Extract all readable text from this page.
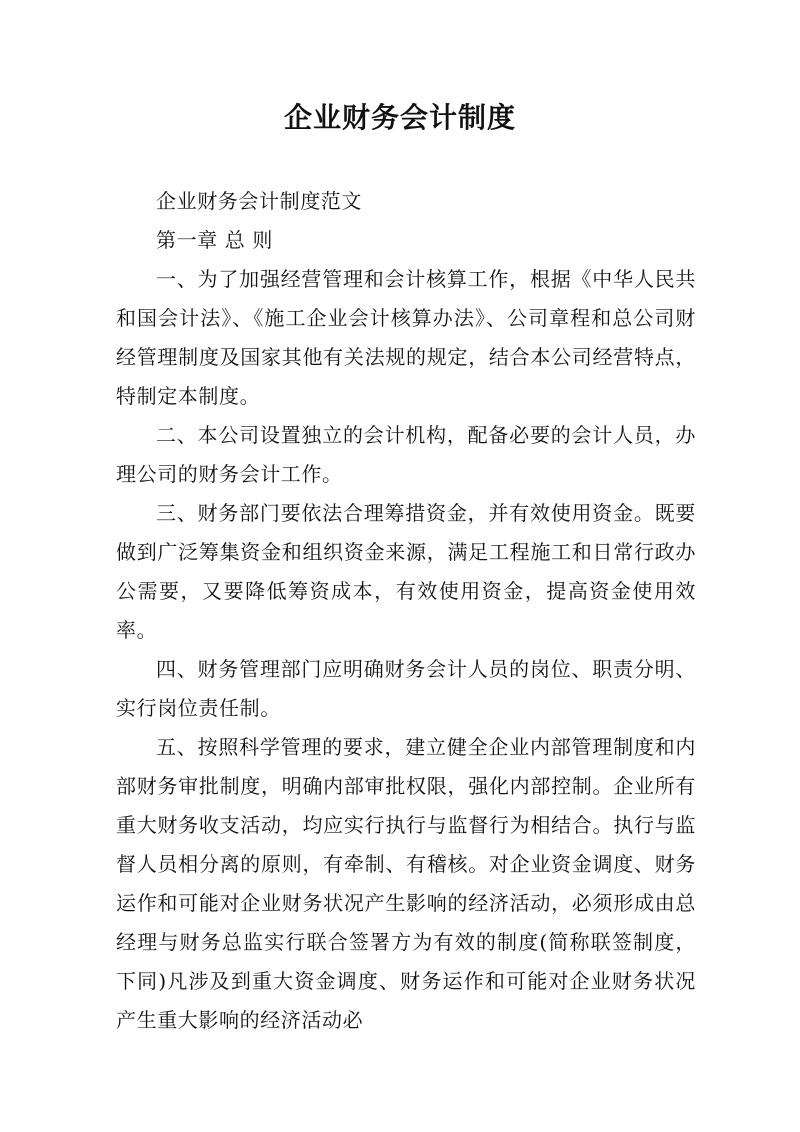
企业财务会计制度

企业财务会计制度范文

第一章 总 则

一、为了加强经营管理和会计核算工作，根据《中华人民共和国会计法》、《施工企业会计核算办法》、公司章程和总公司财经管理制度及国家其他有关法规的规定，结合本公司经营特点，特制定本制度。

二、本公司设置独立的会计机构，配备必要的会计人员，办理公司的财务会计工作。

三、财务部门要依法合理筹措资金，并有效使用资金。既要做到广泛筹集资金和组织资金来源，满足工程施工和日常行政办公需要，又要降低筹资成本，有效使用资金，提高资金使用效率。

四、财务管理部门应明确财务会计人员的岗位、职责分明、实行岗位责任制。

五、按照科学管理的要求，建立健全企业内部管理制度和内部财务审批制度，明确内部审批权限，强化内部控制。企业所有重大财务收支活动，均应实行执行与监督行为相结合。执行与监督人员相分离的原则，有牵制、有稽核。对企业资金调度、财务运作和可能对企业财务状况产生影响的经济活动，必须形成由总经理与财务总监实行联合签署方为有效的制度(简称联签制度，下同)凡涉及到重大资金调度、财务运作和可能对企业财务状况产生重大影响的经济活动必
